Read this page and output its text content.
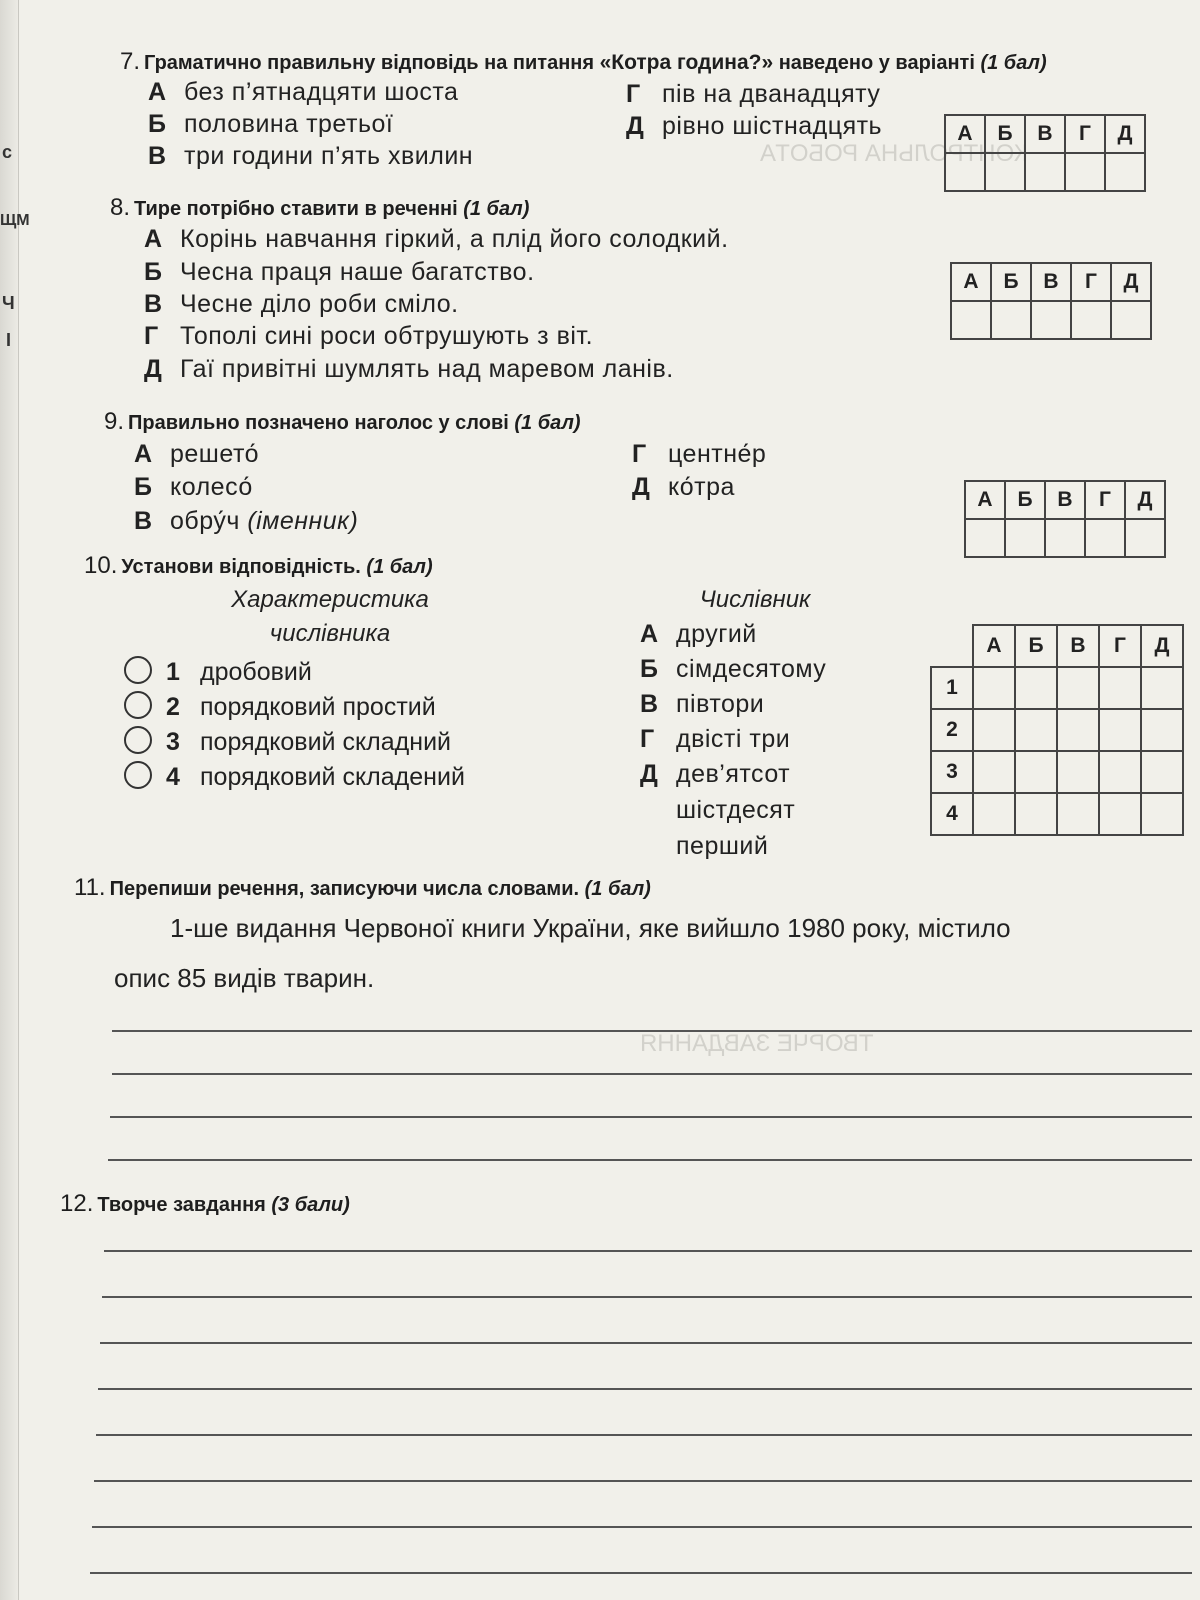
с
ЩМ
Ч
І
КОНТРОЛЬНА РОБОТА
ТВОРЧЕ ЗАВДАННЯ
7. Граматично правильну відповідь на питання «Котра година?» наведено у варіанті (1 бал)
А без п’ятнадцяти шоста
Б половина третьої
В три години п’ять хвилин
Г пів на дванадцяту
Д рівно шістнадцять	А	Б	В	Г	Д

8. Тире потрібно ставити в реченні (1 бал)
А Корінь навчання гіркий, а плід його солодкий.
Б Чесна праця наше багатство.
В Чесне діло роби сміло.
Г Тополі сині роси обтрушують з віт.
Д Гаї привітні шумлять над маревом ланів.
А	Б	В	Г	Д

9. Правильно позначено наголос у слові (1 бал)
А решето́
Б колесо́
В обру́ч (іменник)
Г центне́р
Д ко́тра	А	Б	В	Г	Д

10. Установи відповідність. (1 бал)
Характеристика
числівника
Числівник
1 дробовий
2 порядковий простий
3 порядковий складний
4 порядковий складений
А другий
Б сімдесятому
В півтори
Г двісті три
Д дев’ятсот
шістдесят
перший
	А	Б	В	Г	Д
1					
2					
3					
4					
11. Перепиши речення, записуючи числа словами. (1 бал)
1-ше видання Червоної книги України, яке вийшло 1980 року, містило
опис 85 видів тварин.
12. Творче завдання (3 бали)
